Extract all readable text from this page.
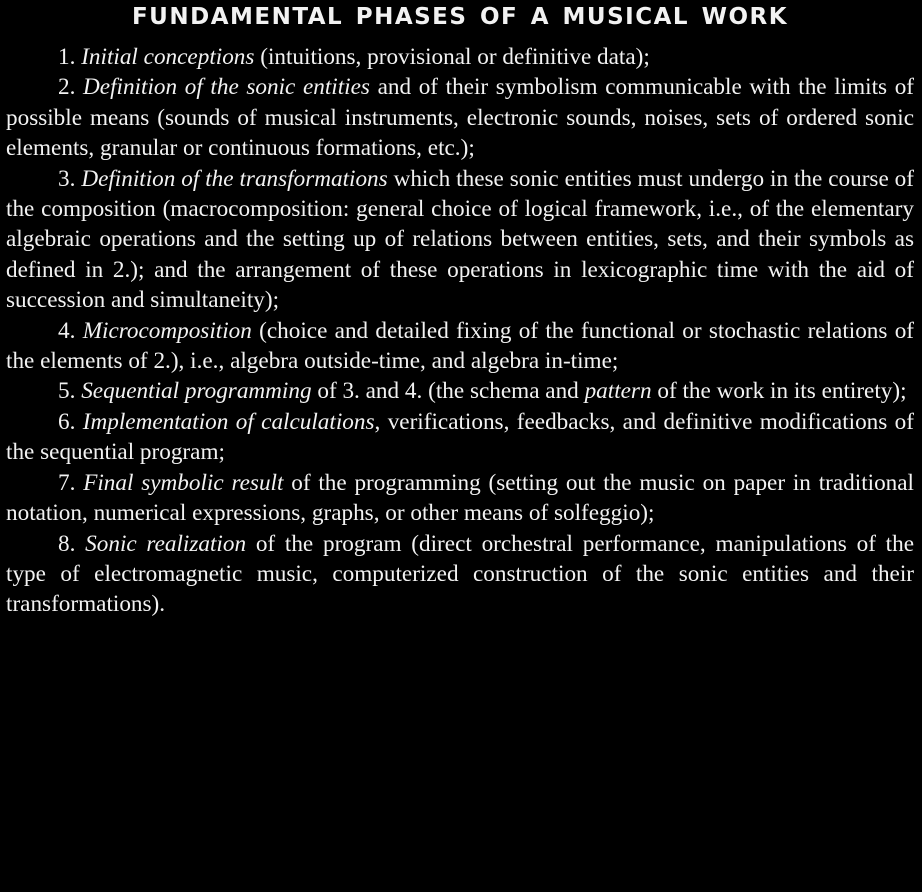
FUNDAMENTAL PHASES OF A MUSICAL WORK

1. Initial conceptions (intuitions, provisional or definitive data);

2. Definition of the sonic entities and of their symbolism communicable with the limits of possible means (sounds of musical instruments, electronic sounds, noises, sets of ordered sonic elements, granular or continuous formations, etc.);

3. Definition of the transformations which these sonic entities must undergo in the course of the composition (macrocomposition: general choice of logical framework, i.e., of the elementary algebraic operations and the setting up of relations between entities, sets, and their symbols as defined in 2.); and the arrangement of these operations in lexicographic time with the aid of succession and simultaneity);

4. Microcomposition (choice and detailed fixing of the functional or stochastic relations of the elements of 2.), i.e., algebra outside-time, and algebra in-time;

5. Sequential programming of 3. and 4. (the schema and pattern of the work in its entirety);

6. Implementation of calculations, verifications, feedbacks, and definitive modifications of the sequential program;

7. Final symbolic result of the programming (setting out the music on paper in traditional notation, numerical expressions, graphs, or other means of solfeggio);

8. Sonic realization of the program (direct orchestral performance, manipulations of the type of electromagnetic music, computerized construction of the sonic entities and their transformations).
